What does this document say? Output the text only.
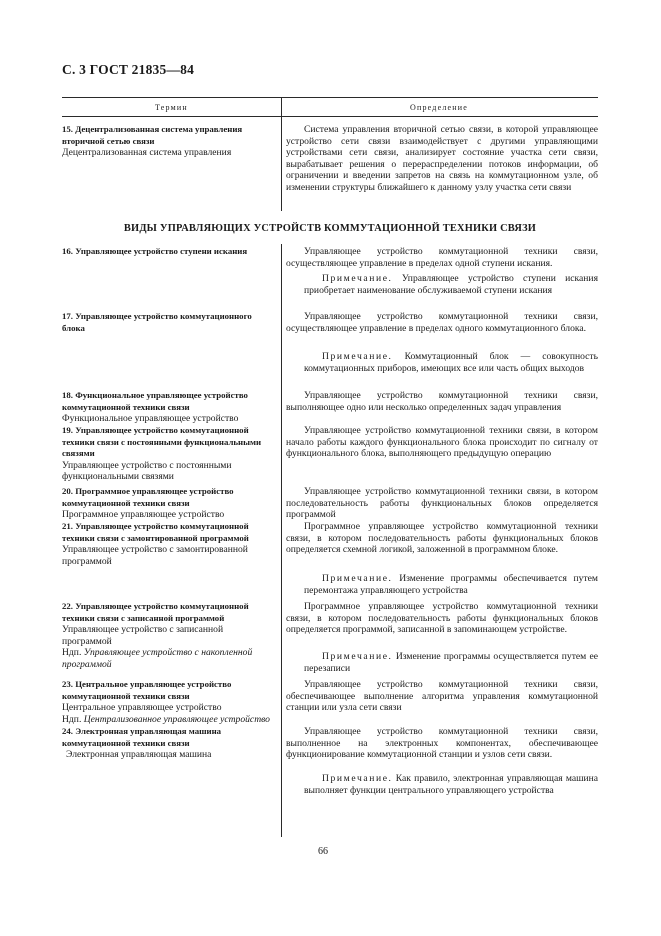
С. 3 ГОСТ 21835—84
Термин	Определение

15. Децентрализованная система управления вторичной сетью связи

Децентрализованная система управления

Система управления вторичной сетью связи, в которой управляющее устройство сети связи взаимодействует с другими управляющими устройствами сети связи, анализирует состояние участка сети связи, вырабатывает решения о перераспределении потоков информации, об ограничении и введении запретов на связь на коммутационном узле, об изменении структуры ближайшего к данному узлу участка сети связи
ВИДЫ УПРАВЛЯЮЩИХ УСТРОЙСТВ КОММУТАЦИОННОЙ ТЕХНИКИ СВЯЗИ

16. Управляющее устройство ступени искания	Управляющее устройство коммутационной техники связи, осуществляющее управление в пределах одной ступени искания.
Примечание. Управляющее устройство ступени искания приобретает наименование обслуживаемой ступени искания

17. Управляющее устройство коммутационного блока

Управляющее устройство коммутационной техники связи, осуществляющее управление в пределах одного коммутационного блока.
Примечание. Коммутационный блок — совокупность коммутационных приборов, имеющих все или часть общих выходов

18. Функциональное управляющее устройство коммутационной техники связи

Функциональное управляющее устройство

Управляющее устройство коммутационной техники связи, выполняющее одно или несколько определенных задач управления

19. Управляющее устройство коммутационной техники связи с постоянными функциональными связями

Управляющее устройство с постоянными функциональными связями

Управляющее устройство коммутационной техники связи, в котором начало работы каждого функционального блока происходит по сигналу от функционального блока, выполняющего предыдущую операцию

20. Программное управляющее устройство коммутационной техники связи

Программное управляющее устройство

Управляющее устройство коммутационной техники связи, в котором последовательность работы функциональных блоков определяется программой

21. Управляющее устройство коммутационной техники связи с замонтированной программой

Управляющее устройство с замонтированной программой

Программное управляющее устройство коммутационной техники связи, в котором последовательность работы функциональных блоков определяется схемной логикой, заложенной в программном блоке.
Примечание. Изменение программы обеспечивается путем перемонтажа управляющего устройства

22. Управляющее устройство коммутационной техники связи с записанной программой

Управляющее устройство с записанной программой

Ндп. Управляющее устройство с накопленной программой

Программное управляющее устройство коммутационной техники связи, в котором последовательность работы функциональных блоков определяется программой, записанной в запоминающем устройстве.
Примечание. Изменение программы осуществляется путем ее перезаписи

23. Центральное управляющее устройство коммутационной техники связи

Центральное управляющее устройство

Ндп. Централизованное управляющее устройство

Управляющее устройство коммутационной техники связи, обеспечивающее выполнение алгоритма управления коммутационной станции или узла сети связи

24. Электронная управляющая машина коммутационной техники связи

Электронная управляющая машина

Управляющее устройство коммутационной техники связи, выполненное на электронных компонентах, обеспечивающее функционирование коммутационной станции и узлов сети связи.
Примечание. Как правило, электронная управляющая машина выполняет функции центрального управляющего устройства
66
